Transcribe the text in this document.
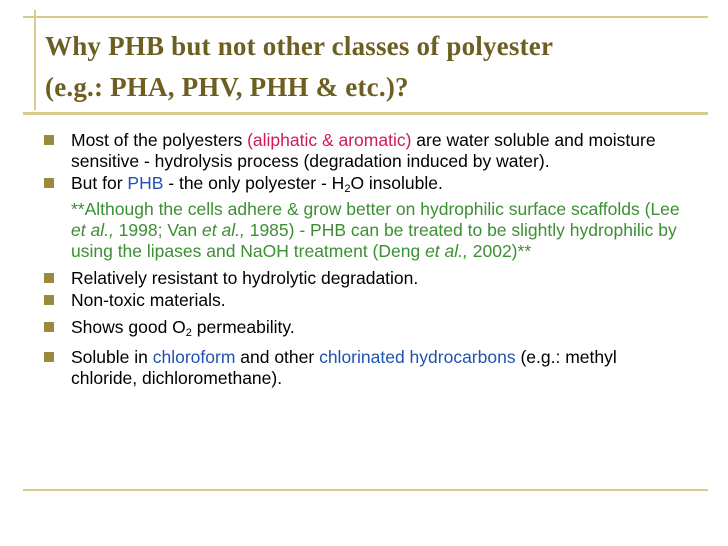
Why PHB but not other classes of polyester
(e.g.: PHA, PHV, PHH & etc.)?
Most of the polyesters (aliphatic & aromatic) are water soluble and moisture sensitive - hydrolysis process (degradation induced by water).
But for PHB - the only polyester - $H_2O$ insoluble.
**Although the cells adhere & grow better on hydrophilic surface scaffolds (Lee et al., 1998; Van et al., 1985) - PHB can be treated to be slightly hydrophilic by using the lipases and NaOH treatment (Deng et al., 2002)**
Relatively resistant to hydrolytic degradation.
Non-toxic materials.
Shows good $O_2$ permeability.
Soluble in chloroform and other chlorinated hydrocarbons (e.g.: methyl chloride, dichloromethane).
